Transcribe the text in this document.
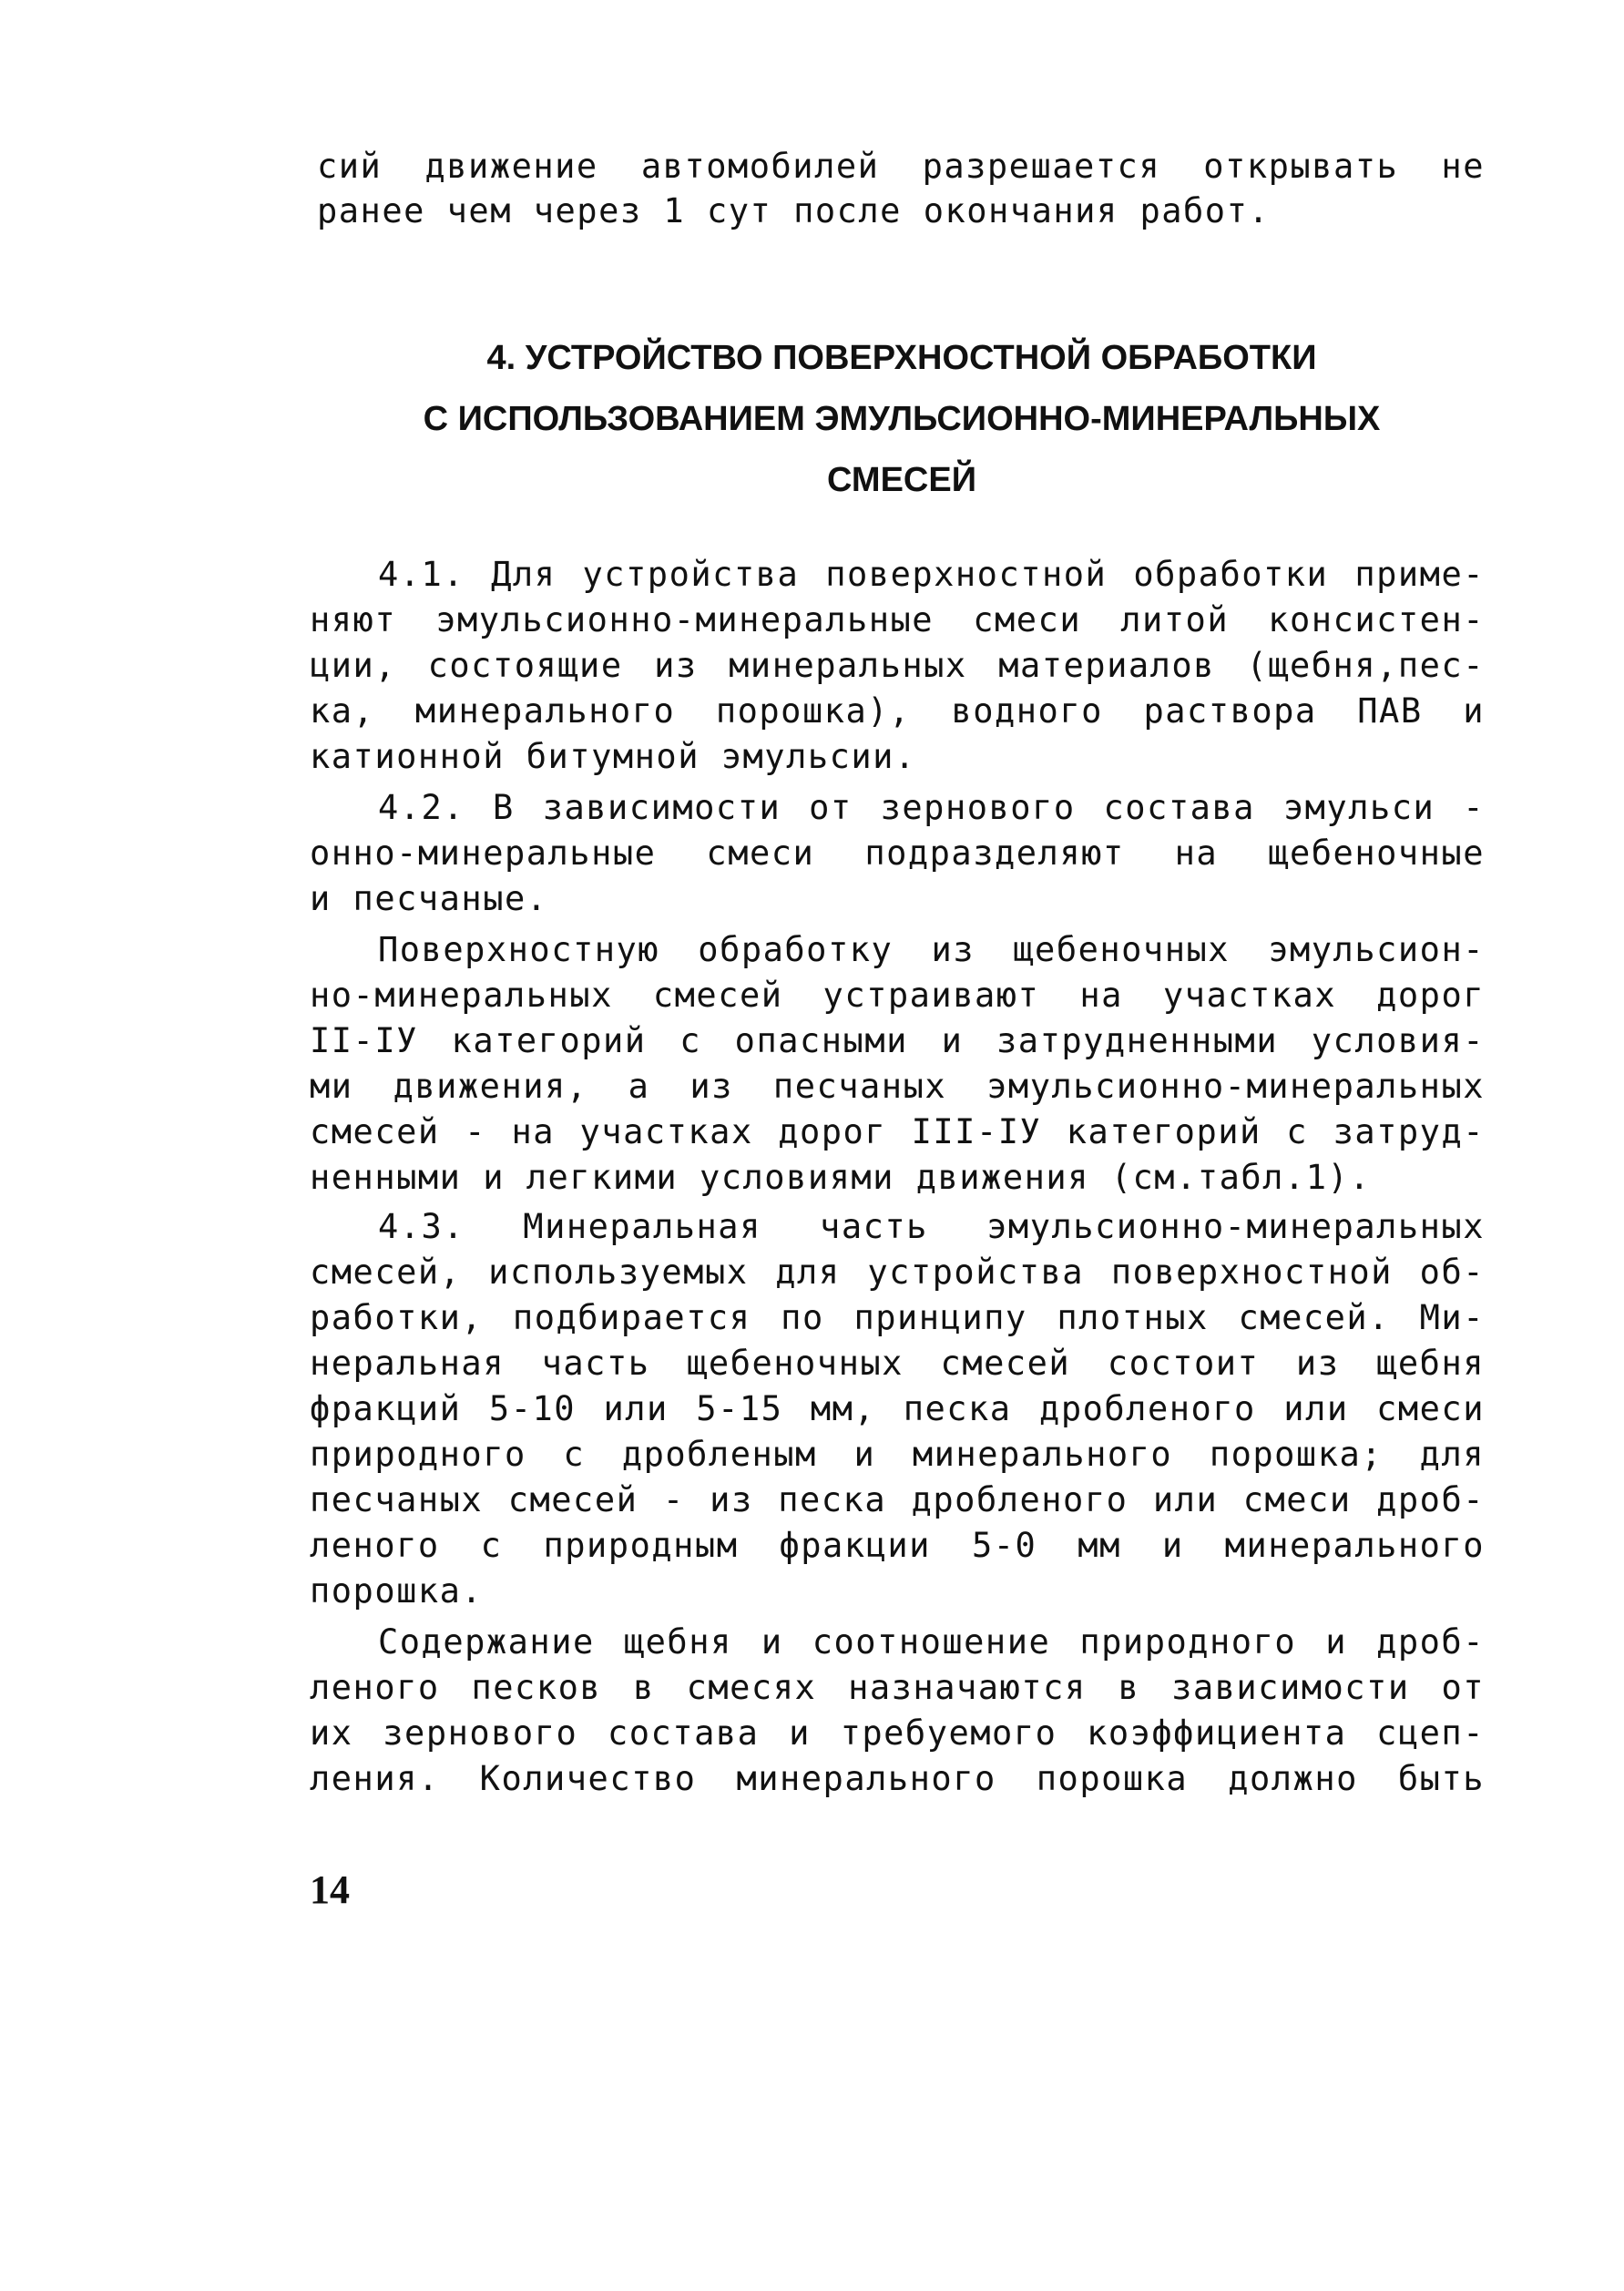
сий движение автомобилей разрешается открывать не
ранее чем через 1 сут после окончания работ.
4. УСТРОЙСТВО ПОВЕРХНОСТНОЙ ОБРАБОТКИ
С ИСПОЛЬЗОВАНИЕМ ЭМУЛЬСИОННО-МИНЕРАЛЬНЫХ
СМЕСЕЙ
4.1. Для устройства поверхностной обработки приме-
няют эмульсионно-минеральные смеси литой консистен-
ции, состоящие из минеральных материалов (щебня,пес-
ка, минерального порошка), водного раствора ПАВ и
катионной битумной эмульсии.
4.2. В зависимости от зернового состава эмульси -
онно-минеральные смеси подразделяют на щебеночные
и песчаные.
Поверхностную обработку из щебеночных эмульсион-
но-минеральных смесей устраивают на участках дорог
II-IУ категорий с опасными и затрудненными условия-
ми движения, а из песчаных эмульсионно-минеральных
смесей - на участках дорог III-IУ категорий с затруд-
ненными и легкими условиями движения (см.табл.1).
4.3. Минеральная часть эмульсионно-минеральных
смесей, используемых для устройства поверхностной об-
работки, подбирается по принципу плотных смесей. Ми-
неральная часть щебеночных смесей состоит из щебня
фракций 5-10 или 5-15 мм, песка дробленого или смеси
природного с дробленым и минерального порошка; для
песчаных смесей - из песка дробленого или смеси дроб-
леного с природным фракции 5-0 мм и минерального
порошка.
Содержание щебня и соотношение природного и дроб-
леного песков в смесях назначаются в зависимости от
их зернового состава и требуемого коэффициента сцеп-
ления. Количество минерального порошка должно быть
14
